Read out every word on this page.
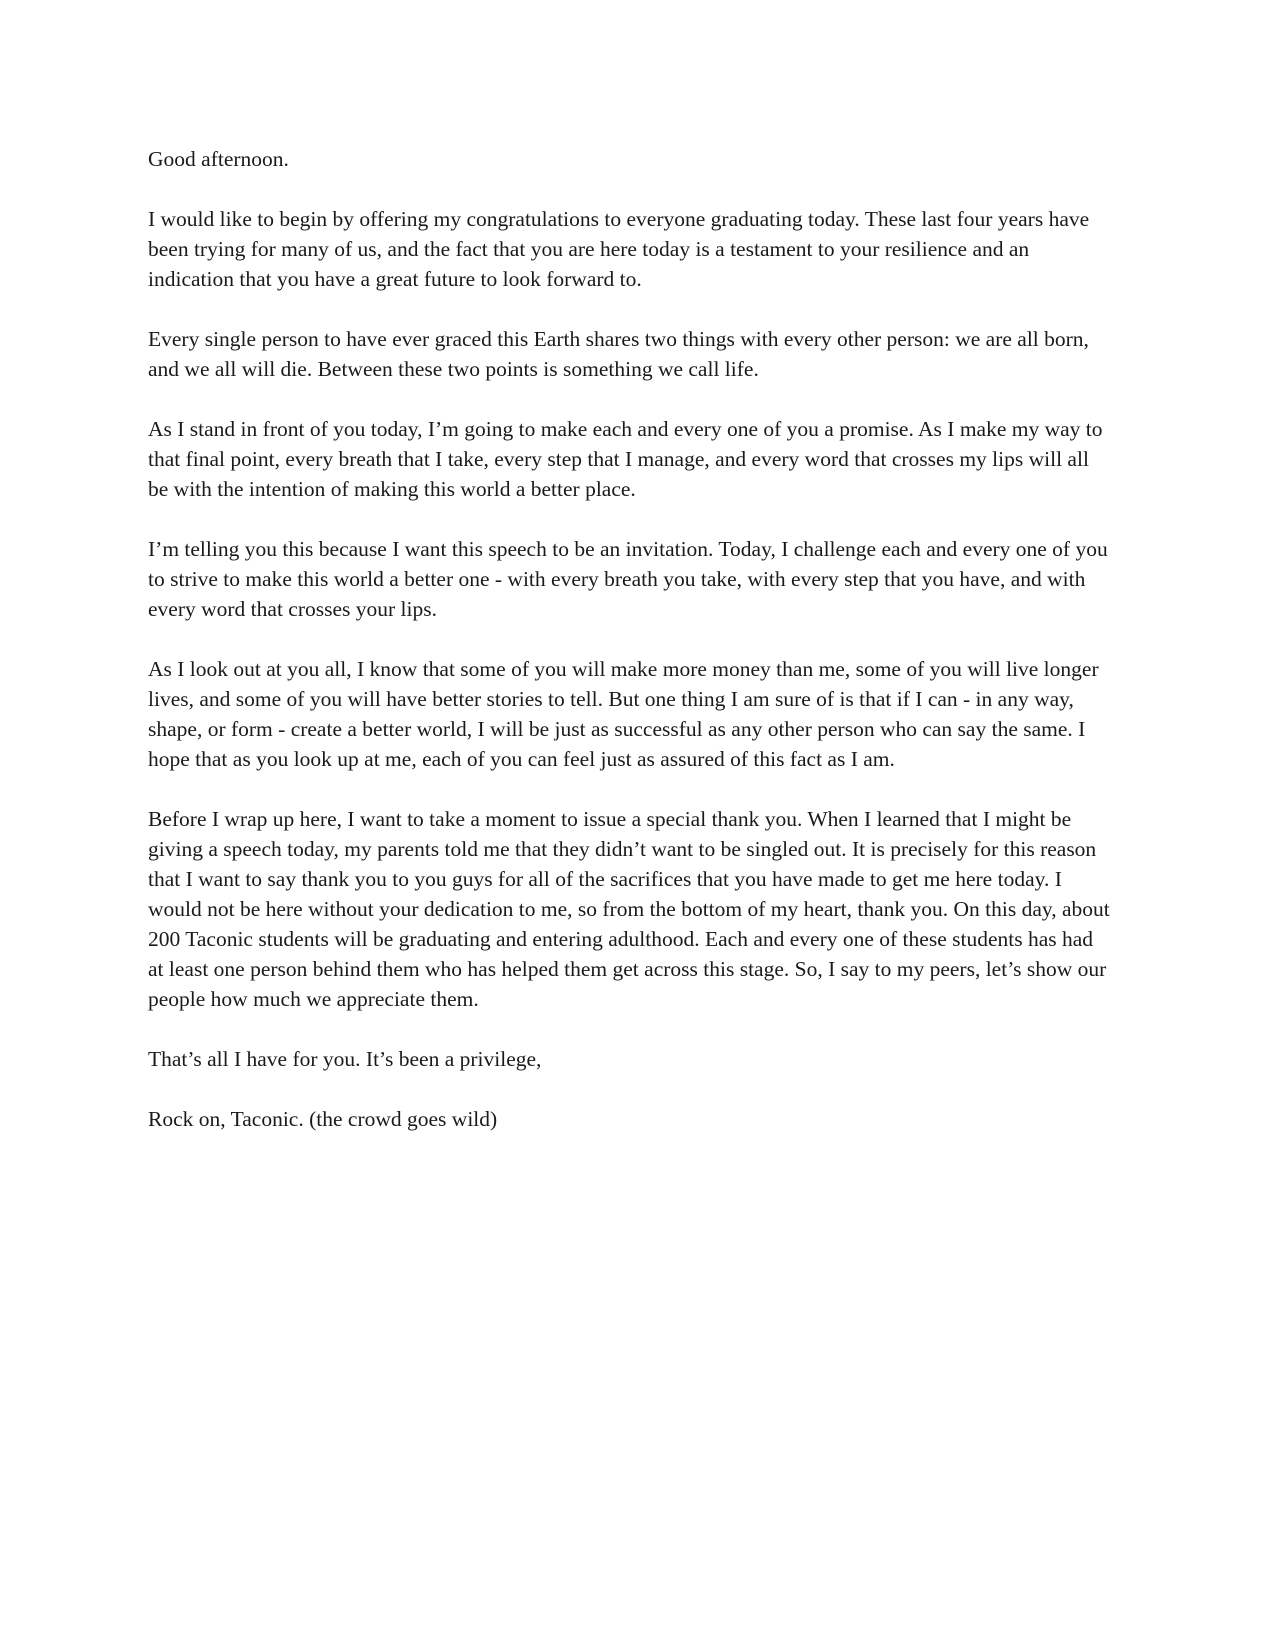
Good afternoon.

I would like to begin by offering my congratulations to everyone graduating today. These last four years have been trying for many of us, and the fact that you are here today is a testament to your resilience and an indication that you have a great future to look forward to.

Every single person to have ever graced this Earth shares two things with every other person: we are all born, and we all will die. Between these two points is something we call life.

As I stand in front of you today, I’m going to make each and every one of you a promise. As I make my way to that final point, every breath that I take, every step that I manage, and every word that crosses my lips will all be with the intention of making this world a better place.

I’m telling you this because I want this speech to be an invitation. Today, I challenge each and every one of you to strive to make this world a better one - with every breath you take, with every step that you have, and with every word that crosses your lips.

As I look out at you all, I know that some of you will make more money than me, some of you will live longer lives, and some of you will have better stories to tell. But one thing I am sure of is that if I can - in any way, shape, or form - create a better world, I will be just as successful as any other person who can say the same. I hope that as you look up at me, each of you can feel just as assured of this fact as I am.

Before I wrap up here, I want to take a moment to issue a special thank you. When I learned that I might be giving a speech today, my parents told me that they didn’t want to be singled out. It is precisely for this reason that I want to say thank you to you guys for all of the sacrifices that you have made to get me here today. I would not be here without your dedication to me, so from the bottom of my heart, thank you. On this day, about 200 Taconic students will be graduating and entering adulthood. Each and every one of these students has had at least one person behind them who has helped them get across this stage. So, I say to my peers, let’s show our people how much we appreciate them.

That’s all I have for you. It’s been a privilege,

Rock on, Taconic. (the crowd goes wild)
